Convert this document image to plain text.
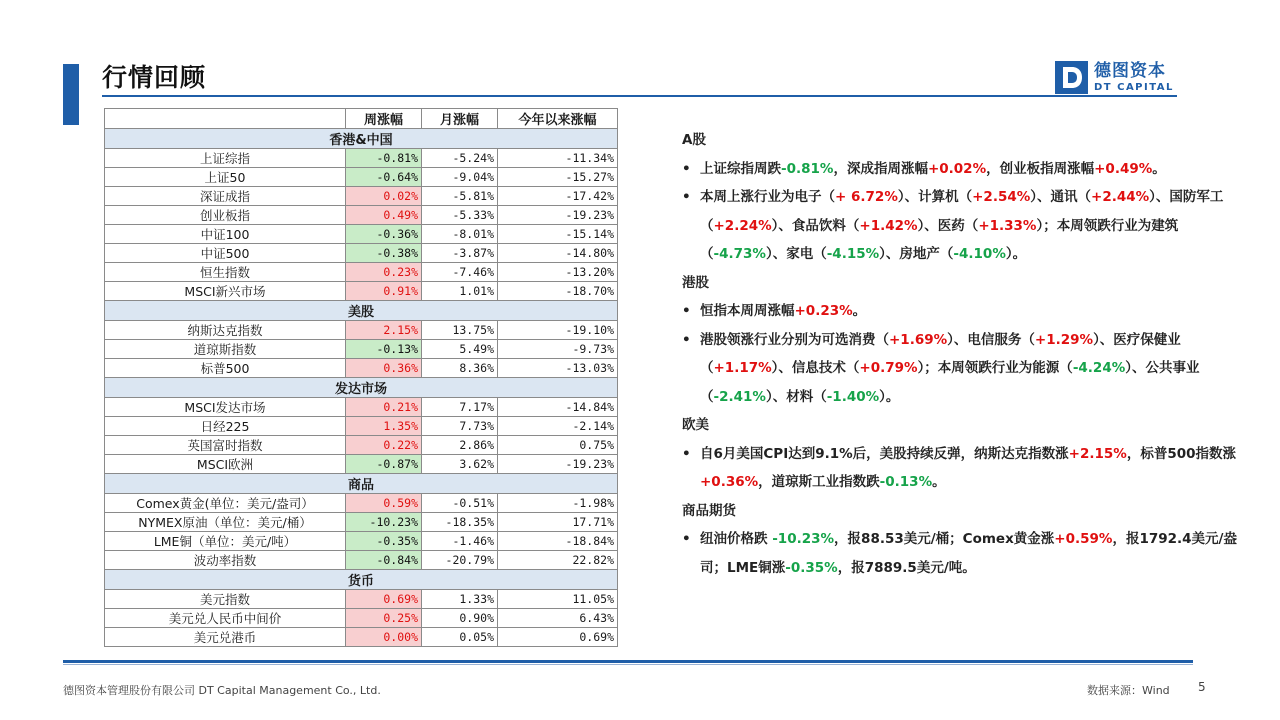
行情回顾	德图资本
DT CAPITAL
	周涨幅	月涨幅	今年以来涨幅
香港&中国			
上证综指	-0.81%	-5.24%	-11.34%
上证50	-0.64%	-9.04%	-15.27%
深证成指	0.02%	-5.81%	-17.42%
创业板指	0.49%	-5.33%	-19.23%
中证100	-0.36%	-8.01%	-15.14%
中证500	-0.38%	-3.87%	-14.80%
恒生指数	0.23%	-7.46%	-13.20%
MSCI新兴市场	0.91%	1.01%	-18.70%
美股			
纳斯达克指数	2.15%	13.75%	-19.10%
道琼斯指数	-0.13%	5.49%	-9.73%
标普500	0.36%	8.36%	-13.03%
发达市场			
MSCI发达市场	0.21%	7.17%	-14.84%
日经225	1.35%	7.73%	-2.14%
英国富时指数	0.22%	2.86%	0.75%
MSCI欧洲	-0.87%	3.62%	-19.23%
商品			
Comex黄金(单位：美元/盎司）	0.59%	-0.51%	-1.98%
NYMEX原油（单位：美元/桶）	-10.23%	-18.35%	17.71%
LME铜（单位：美元/吨）	-0.35%	-1.46%	-18.84%
波动率指数	-0.84%	-20.79%	22.82%
货币			
美元指数	0.69%	1.33%	11.05%
美元兑人民币中间价	0.25%	0.90%	6.43%
美元兑港币	0.00%	0.05%	0.69%
A股
• 上证综指周跌-0.81%，深成指周涨幅+0.02%，创业板指周涨幅+0.49%。
• 本周上涨行业为电子（+ 6.72%）、计算机（+2.54%）、通讯（+2.44%）、国防军工（+2.24%）、食品饮料（+1.42%）、医药（+1.33%）；本周领跌行业为建筑（-4.73%）、家电（-4.15%）、房地产（-4.10%）。
港股
• 恒指本周周涨幅+0.23%。
• 港股领涨行业分别为可选消费（+1.69%）、电信服务（+1.29%）、医疗保健业（+1.17%）、信息技术（+0.79%）；本周领跌行业为能源（-4.24%）、公共事业（-2.41%）、材料（-1.40%）。
欧美
• 自6月美国CPI达到9.1%后，美股持续反弹，纳斯达克指数涨+2.15%，标普500指数涨+0.36%，道琼斯工业指数跌-0.13%。
商品期货
• 纽油价格跌 -10.23%，报88.53美元/桶；Comex黄金涨+0.59%，报1792.4美元/盎司；LME铜涨-0.35%，报7889.5美元/吨。
德图资本管理股份有限公司 DT Capital Management Co., Ltd.	数据来源：Wind 5
